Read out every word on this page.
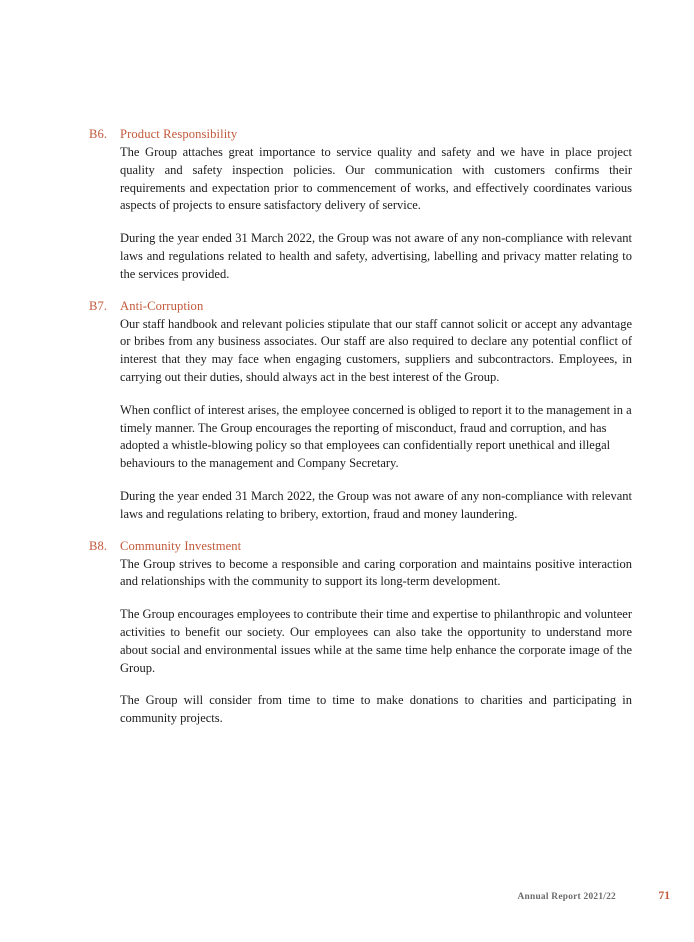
B6. Product Responsibility

The Group attaches great importance to service quality and safety and we have in place project quality and safety inspection policies. Our communication with customers confirms their requirements and expectation prior to commencement of works, and effectively coordinates various aspects of projects to ensure satisfactory delivery of service.

During the year ended 31 March 2022, the Group was not aware of any non-compliance with relevant laws and regulations related to health and safety, advertising, labelling and privacy matter relating to the services provided.

B7. Anti-Corruption

Our staff handbook and relevant policies stipulate that our staff cannot solicit or accept any advantage or bribes from any business associates. Our staff are also required to declare any potential conflict of interest that they may face when engaging customers, suppliers and subcontractors. Employees, in carrying out their duties, should always act in the best interest of the Group.

When conflict of interest arises, the employee concerned is obliged to report it to the management in a timely manner. The Group encourages the reporting of misconduct, fraud and corruption, and has adopted a whistle-blowing policy so that employees can confidentially report unethical and illegal behaviours to the management and Company Secretary.

During the year ended 31 March 2022, the Group was not aware of any non-compliance with relevant laws and regulations relating to bribery, extortion, fraud and money laundering.

B8. Community Investment

The Group strives to become a responsible and caring corporation and maintains positive interaction and relationships with the community to support its long-term development.

The Group encourages employees to contribute their time and expertise to philanthropic and volunteer activities to benefit our society. Our employees can also take the opportunity to understand more about social and environmental issues while at the same time help enhance the corporate image of the Group.

The Group will consider from time to time to make donations to charities and participating in community projects.

Annual Report 2021/22	71
